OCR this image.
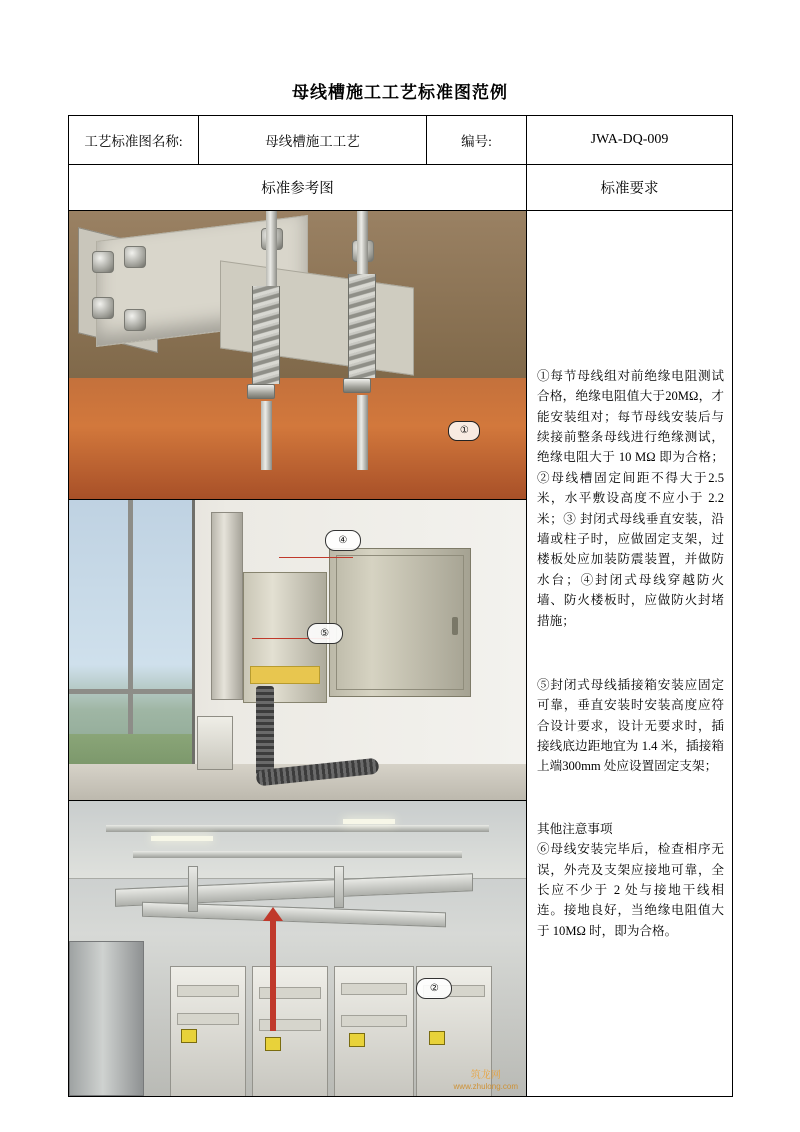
母线槽施工工艺标准图范例
工艺标准图名称:	母线槽施工工艺	编号:	JWA-DQ-009
标准参考图			标准要求

①
④
⑤
②
筑龙网
www.zhulong.com

①每节母线组对前绝缘电阻测试合格，绝缘电阻值大于20MΩ，才能安装组对；每节母线安装后与续接前整条母线进行绝缘测试，绝缘电阻大于 10 MΩ 即为合格；②母线槽固定间距不得大于2.5 米，水平敷设高度不应小于 2.2 米；③ 封闭式母线垂直安装，沿墙或柱子时，应做固定支架，过楼板处应加装防震装置，并做防水台；④封闭式母线穿越防火墙、防火楼板时，应做防火封堵措施；

⑤封闭式母线插接箱安装应固定可靠，垂直安装时安装高度应符合设计要求，设计无要求时，插接线底边距地宜为 1.4 米，插接箱上端300mm 处应设置固定支架；

其他注意事项

⑥母线安装完毕后，检查相序无误，外壳及支架应接地可靠，全长应不少于 2 处与接地干线相连。接地良好，当绝缘电阻值大于 10MΩ 时，即为合格。
